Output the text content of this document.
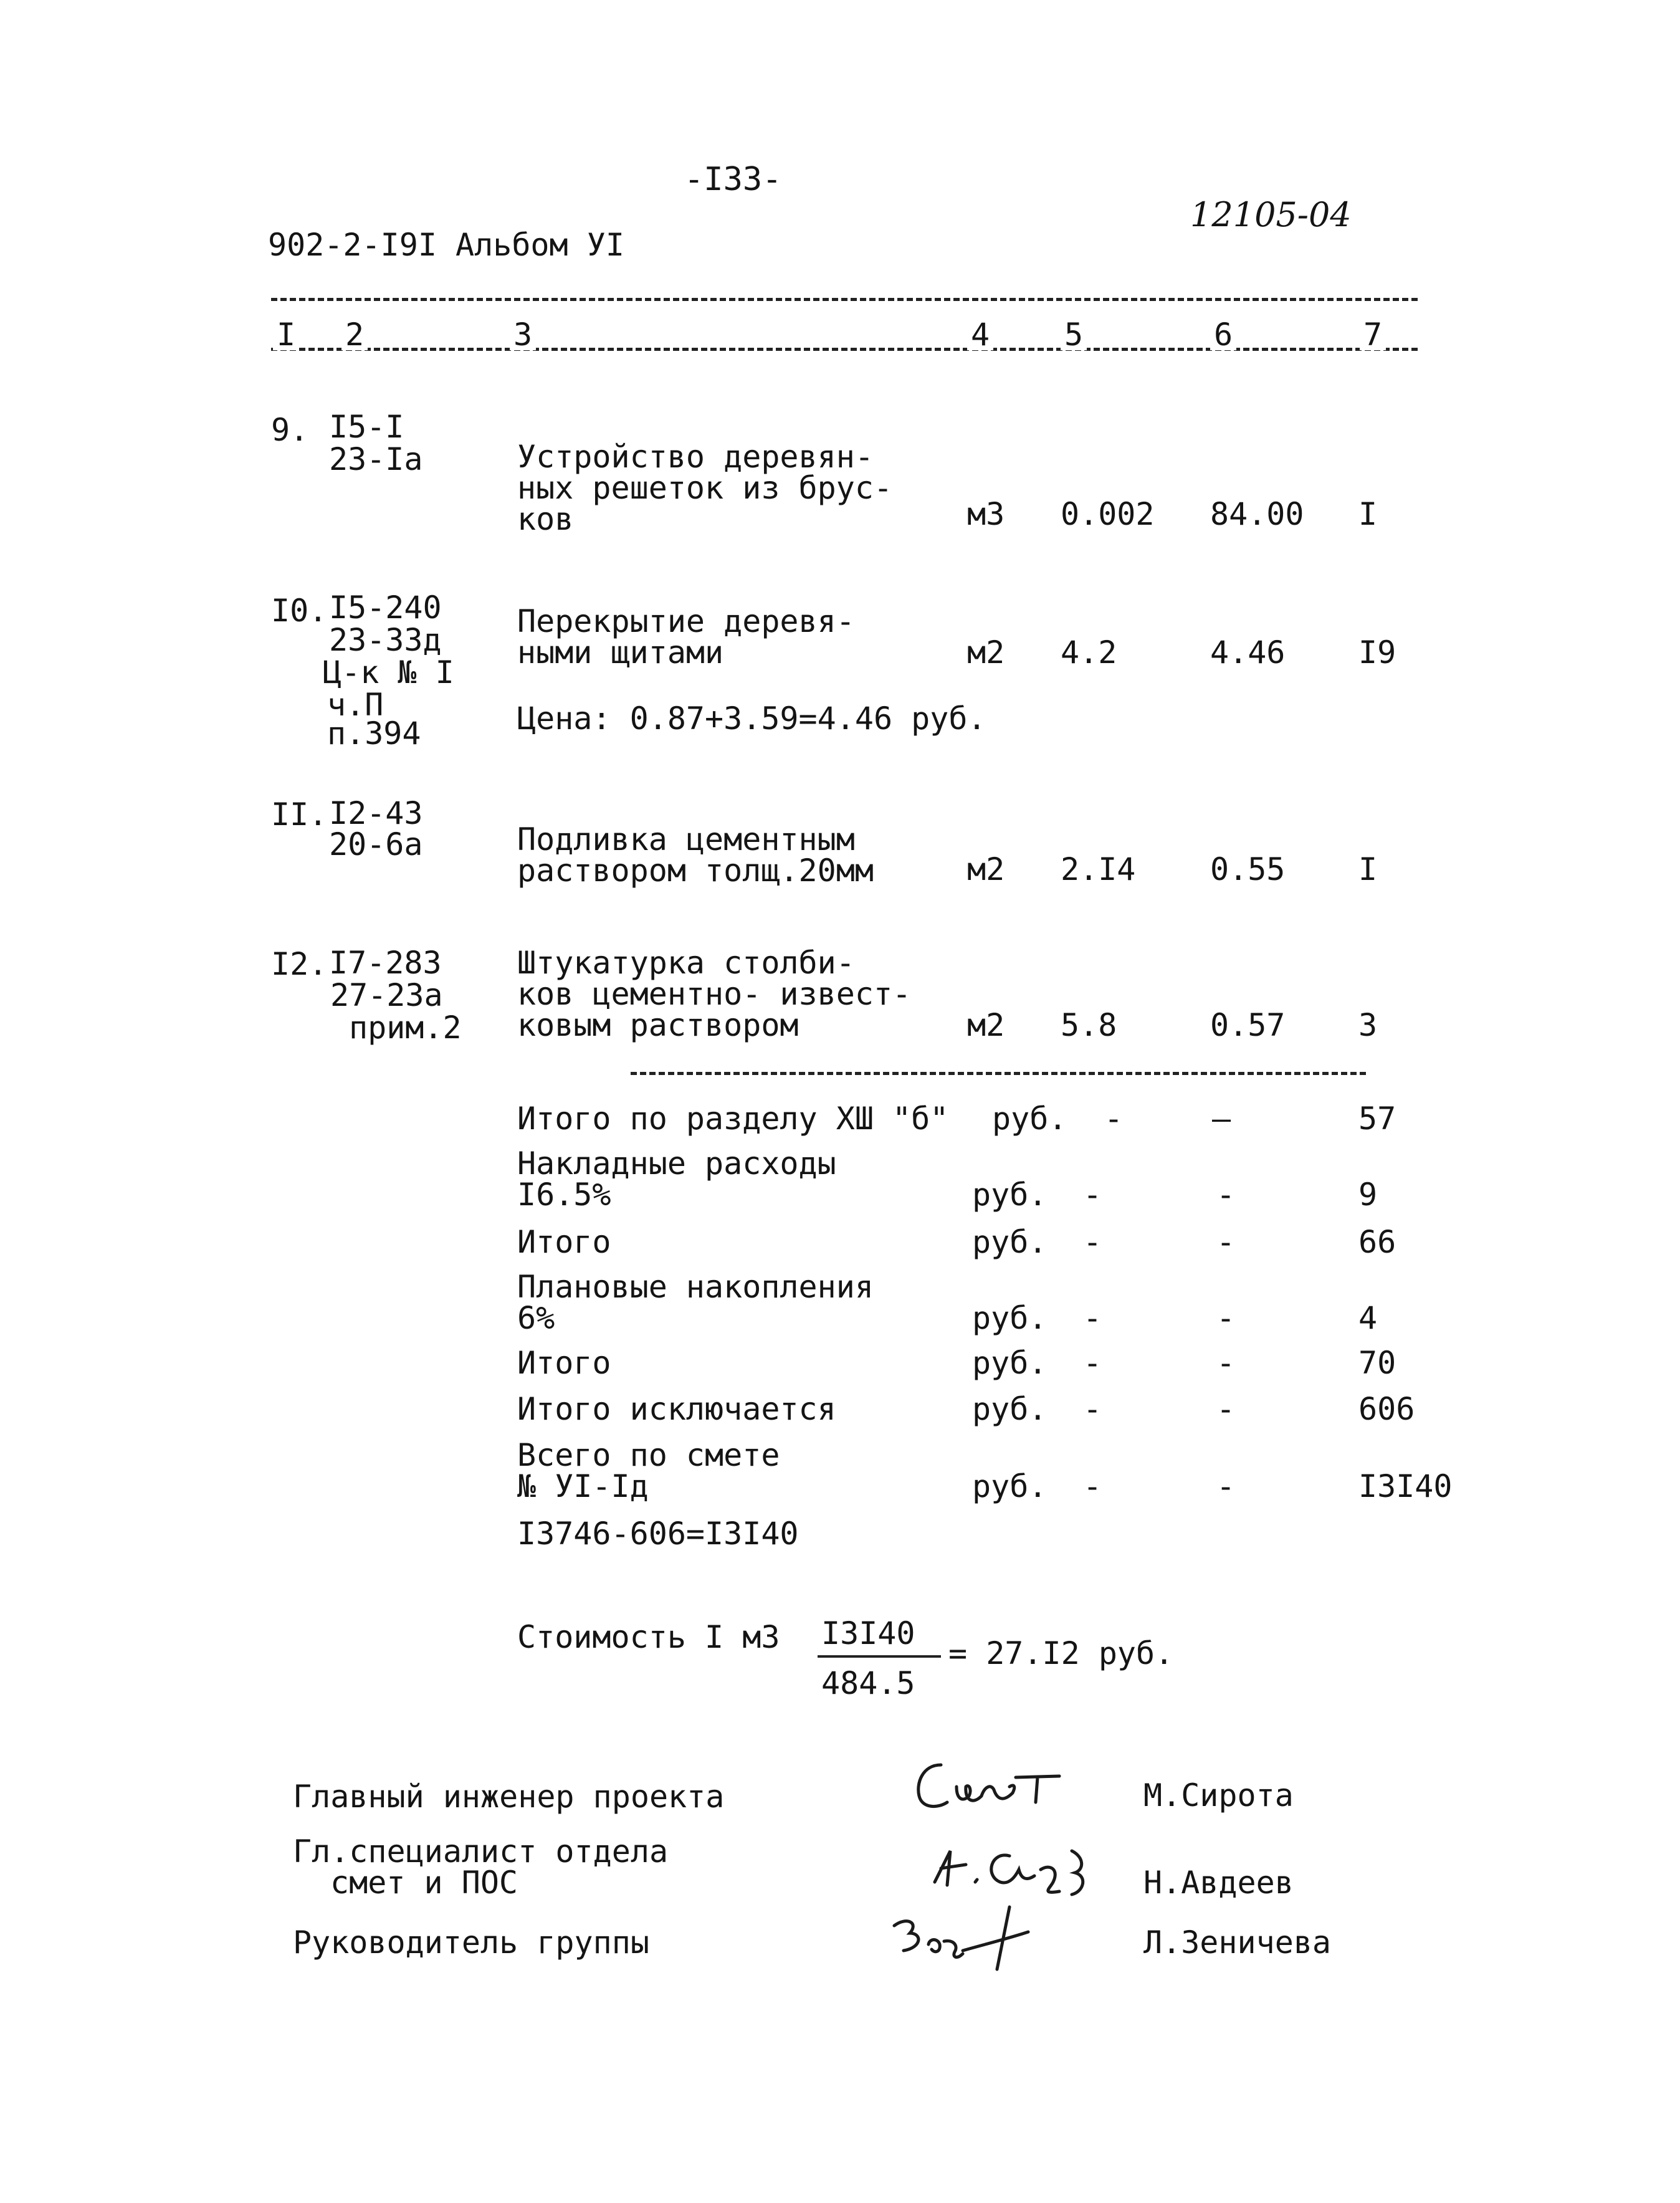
-I33-
902-2-I9I Альбом УI
12105-04
I 2	3	4 5	6	7
9. I5-I
23-Iа	Устройство деревян-
ных решеток из брус-
ков	м3 0.002 84.00 I
I0. I5-240
23-33д
Ц-к № I
ч.П
п.394
Перекрытие деревя-
ными щитами	м2 4.2	4.46 I9
Цена: 0.87+3.59=4.46 руб.
II. I2-43
20-6а	Подливка цементным
раствором толщ.20мм	м2 2.I4 0.55 I
I2. I7-283
27-23а
прим.2
Штукатурка столби-
ков цементно- извест-
ковым раствором	м2 5.8	0.57 3
Итого по разделу ХШ "б" руб. -	—	57
Накладные расходы
I6.5%	руб. -	-	9
Итого	руб. -	-	66
Плановые накопления
6%	руб. -	-	4
Итого	руб. -	-	70
Итого исключается	руб. -	-	606
Всего по смете
№ УI-Iд	руб. -	-	I3I40
I3746-606=I3I40
Стоимость I м3 I3I40
484.5
= 27.I2 руб.
Главный инженер проекта	М.Сирота
Гл.специалист отдела
смет и ПОС	Н.Авдеев
Руководитель группы	Л.Зеничева
